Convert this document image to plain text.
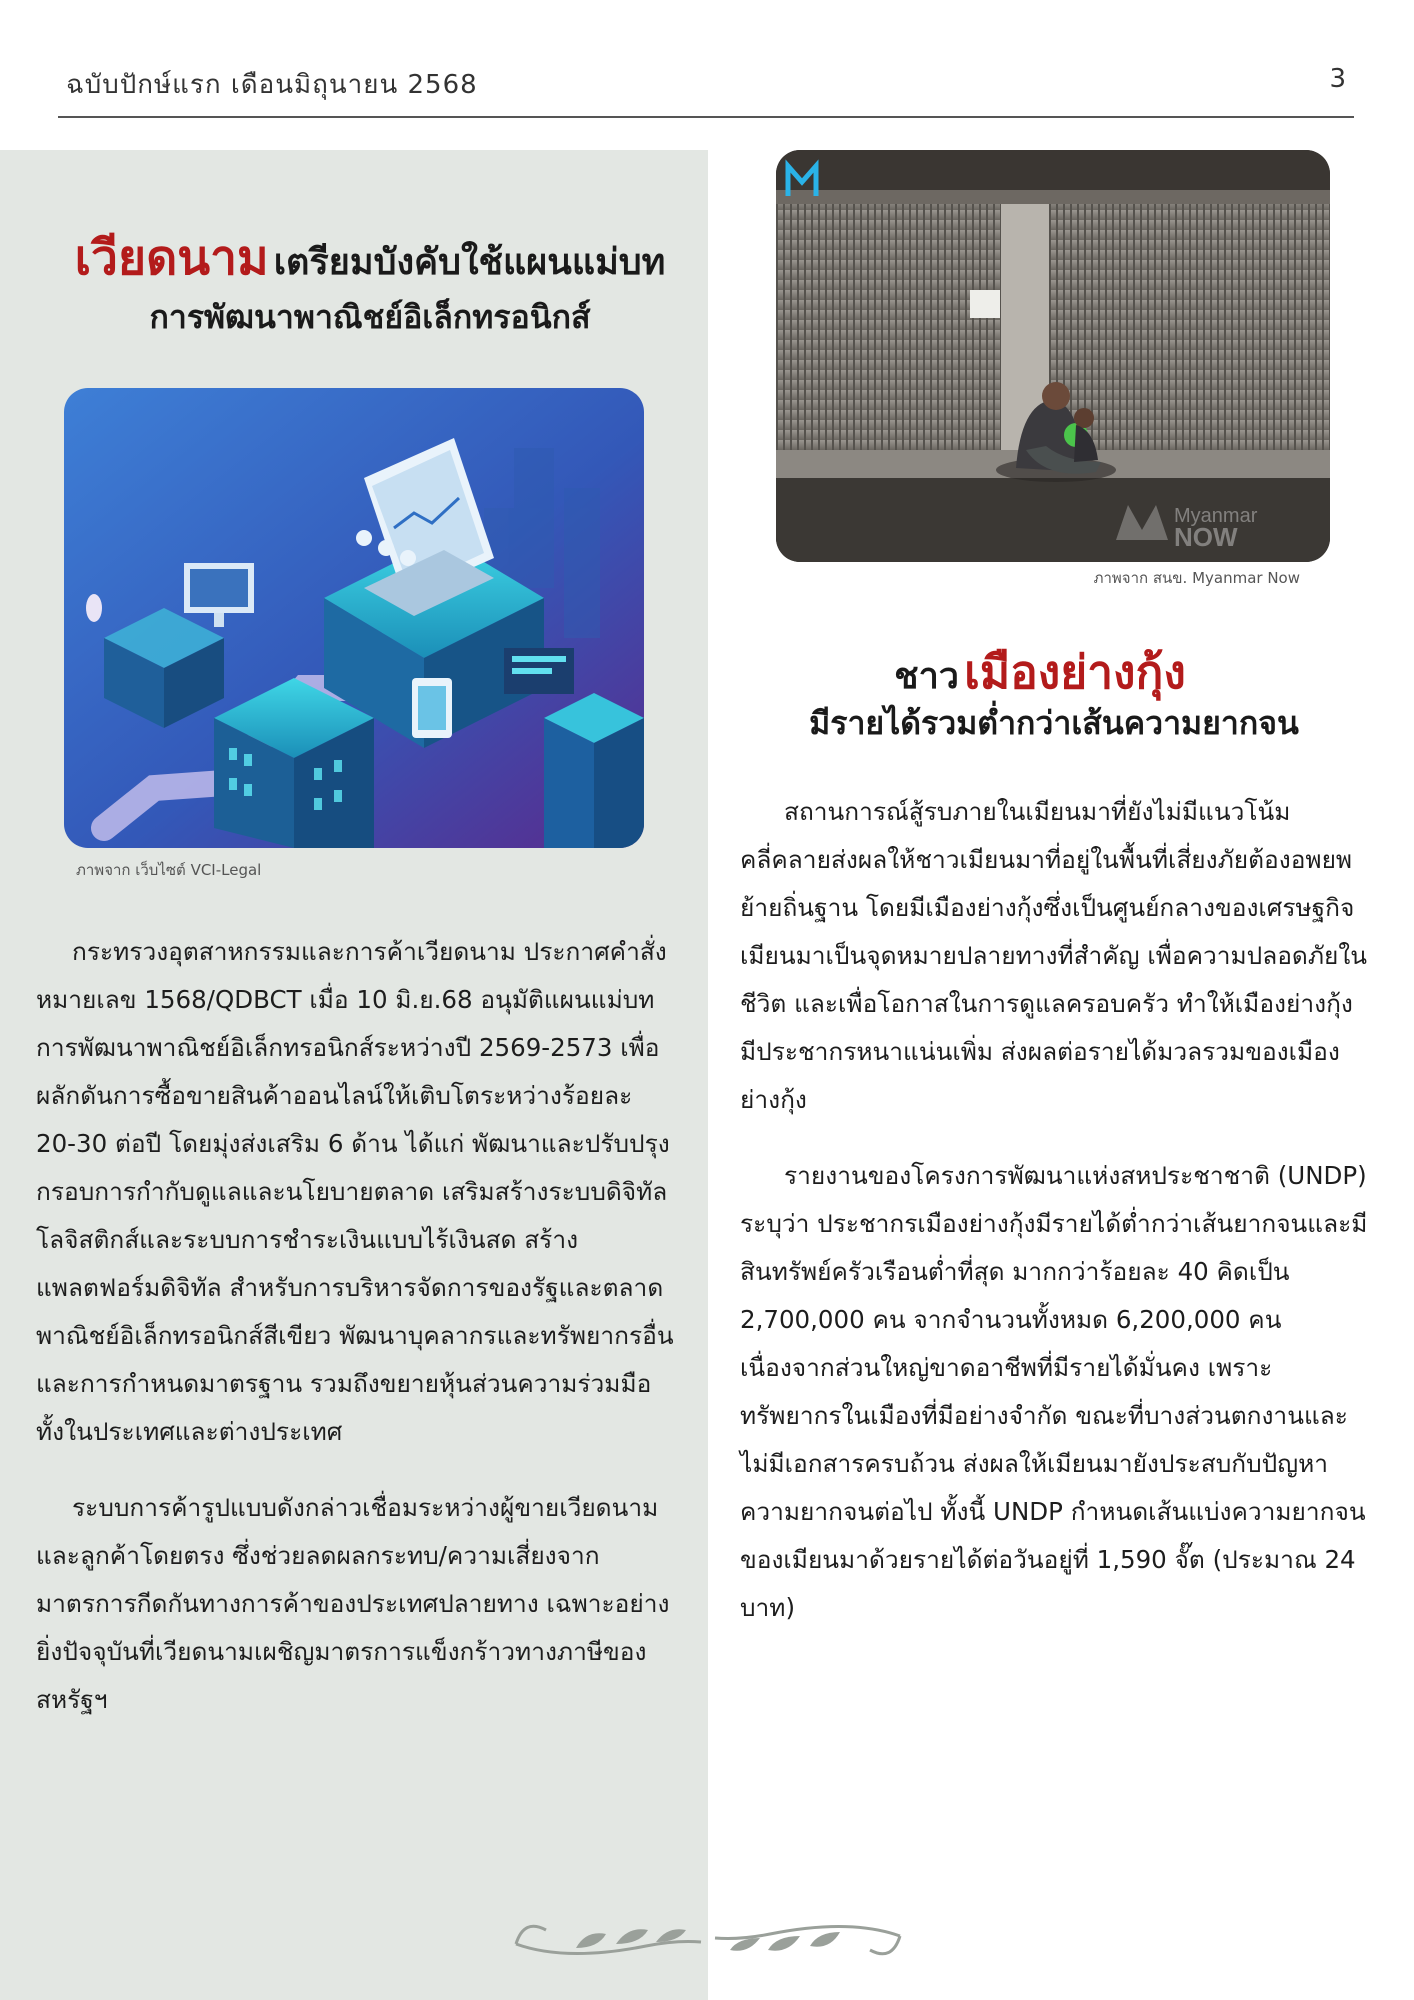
ฉบับปักษ์แรก เดือนมิถุนายน 2568	3
เวียดนาม เตรียมบังคับใช้แผนแม่บท
การพัฒนาพาณิชย์อิเล็กทรอนิกส์
ภาพจาก เว็บไซต์ VCI-Legal

กระทรวงอุตสาหกรรมและการค้าเวียดนาม ประกาศคำสั่งหมายเลข 1568/QDBCT เมื่อ 10 มิ.ย.68 อนุมัติแผนแม่บทการพัฒนาพาณิชย์อิเล็กทรอนิกส์ระหว่างปี 2569-2573 เพื่อผลักดันการซื้อขายสินค้าออนไลน์ให้เติบโตระหว่างร้อยละ 20-30 ต่อปี โดยมุ่งส่งเสริม 6 ด้าน ได้แก่ พัฒนาและปรับปรุงกรอบการกำกับดูแลและนโยบายตลาด เสริมสร้างระบบดิจิทัล โลจิสติกส์และระบบการชำระเงินแบบไร้เงินสด สร้างแพลตฟอร์มดิจิทัล สำหรับการบริหารจัดการของรัฐและตลาดพาณิชย์อิเล็กทรอนิกส์สีเขียว พัฒนาบุคลากรและทรัพยากรอื่น และการกำหนดมาตรฐาน รวมถึงขยายหุ้นส่วนความร่วมมือทั้งในประเทศและต่างประเทศ

ระบบการค้ารูปแบบดังกล่าวเชื่อมระหว่างผู้ขายเวียดนามและลูกค้าโดยตรง ซึ่งช่วยลดผลกระทบ/ความเสี่ยงจากมาตรการกีดกันทางการค้าของประเทศปลายทาง เฉพาะอย่างยิ่งปัจจุบันที่เวียดนามเผชิญมาตรการแข็งกร้าวทางภาษีของสหรัฐฯ

Myanmar
NOW
ภาพจาก สนข. Myanmar Now
ชาว เมืองย่างกุ้ง
มีรายได้รวมต่ำกว่าเส้นความยากจน

สถานการณ์สู้รบภายในเมียนมาที่ยังไม่มีแนวโน้มคลี่คลายส่งผลให้ชาวเมียนมาที่อยู่ในพื้นที่เสี่ยงภัยต้องอพยพย้ายถิ่นฐาน โดยมีเมืองย่างกุ้งซึ่งเป็นศูนย์กลางของเศรษฐกิจเมียนมาเป็นจุดหมายปลายทางที่สำคัญ เพื่อความปลอดภัยในชีวิต และเพื่อโอกาสในการดูแลครอบครัว ทำให้เมืองย่างกุ้งมีประชากรหนาแน่นเพิ่ม ส่งผลต่อรายได้มวลรวมของเมืองย่างกุ้ง

รายงานของโครงการพัฒนาแห่งสหประชาชาติ (UNDP) ระบุว่า ประชากรเมืองย่างกุ้งมีรายได้ต่ำกว่าเส้นยากจนและมีสินทรัพย์ครัวเรือนต่ำที่สุด มากกว่าร้อยละ 40 คิดเป็น 2,700,000 คน จากจำนวนทั้งหมด 6,200,000 คน เนื่องจากส่วนใหญ่ขาดอาชีพที่มีรายได้มั่นคง เพราะทรัพยากรในเมืองที่มีอย่างจำกัด ขณะที่บางส่วนตกงานและไม่มีเอกสารครบถ้วน ส่งผลให้เมียนมายังประสบกับปัญหาความยากจนต่อไป ทั้งนี้ UNDP กำหนดเส้นแบ่งความยากจนของเมียนมาด้วยรายได้ต่อวันอยู่ที่ 1,590 จั๊ต (ประมาณ 24 บาท)
